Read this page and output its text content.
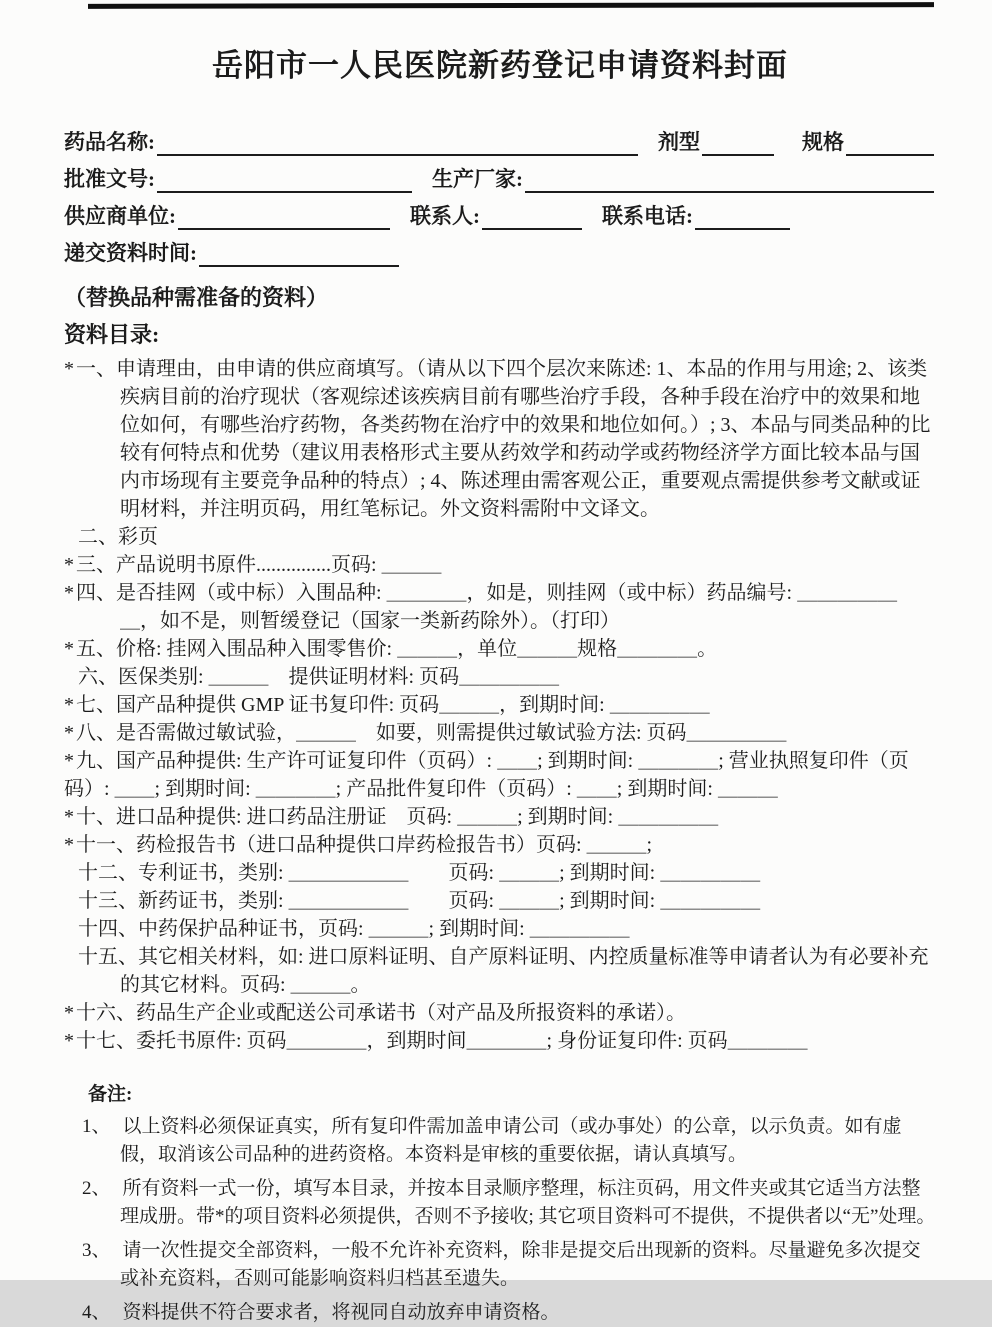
岳阳市一人民医院新药登记申请资料封面
药品名称:	剂型	规格
批准文号:	生产厂家:
供应商单位:	联系人:	联系电话:
递交资料时间:
（替换品种需准备的资料）
资料目录:

*一、申请理由，由申请的供应商填写。（请从以下四个层次来陈述: 1、本品的作用与用途; 2、该类疾病目前的治疗现状（客观综述该疾病目前有哪些治疗手段，各种手段在治疗中的效果和地位如何，有哪些治疗药物，各类药物在治疗中的效果和地位如何。）; 3、本品与同类品种的比较有何特点和优势（建议用表格形式主要从药效学和药动学或药物经济学方面比较本品与国内市场现有主要竞争品种的特点）; 4、陈述理由需客观公正，重要观点需提供参考文献或证明材料，并注明页码，用红笔标记。外文资料需附中文译文。

二、彩页

*三、产品说明书原件...............页码: ＿＿＿

*四、是否挂网（或中标）入围品种: ＿＿＿＿，如是，则挂网（或中标）药品编号: ＿＿＿＿＿＿，如不是，则暂缓登记（国家一类新药除外）。（打印）

*五、价格: 挂网入围品种入围零售价: ＿＿＿，单位＿＿＿规格＿＿＿＿。

六、医保类别: ＿＿＿　提供证明材料: 页码＿＿＿＿＿

*七、国产品种提供 GMP 证书复印件: 页码＿＿＿，到期时间: ＿＿＿＿＿

*八、是否需做过敏试验，＿＿＿　如要，则需提供过敏试验方法: 页码＿＿＿＿＿

*九、国产品种提供: 生产许可证复印件（页码）: ＿＿; 到期时间: ＿＿＿＿; 营业执照复印件（页码）: ＿＿; 到期时间: ＿＿＿＿; 产品批件复印件（页码）: ＿＿; 到期时间: ＿＿＿

*十、进口品种提供: 进口药品注册证　页码: ＿＿＿; 到期时间: ＿＿＿＿＿

*十一、药检报告书（进口品种提供口岸药检报告书）页码: ＿＿＿;

十二、专利证书，类别: ＿＿＿＿＿＿　　页码: ＿＿＿; 到期时间: ＿＿＿＿＿

十三、新药证书，类别: ＿＿＿＿＿＿　　页码: ＿＿＿; 到期时间: ＿＿＿＿＿

十四、中药保护品种证书，页码: ＿＿＿; 到期时间: ＿＿＿＿＿

十五、其它相关材料，如: 进口原料证明、自产原料证明、内控质量标准等申请者认为有必要补充的其它材料。页码: ＿＿＿。

*十六、药品生产企业或配送公司承诺书（对产品及所报资料的承诺）。

*十七、委托书原件: 页码＿＿＿＿，到期时间＿＿＿＿; 身份证复印件: 页码＿＿＿＿

备注:

1、 以上资料必须保证真实，所有复印件需加盖申请公司（或办事处）的公章，以示负责。如有虚假，取消该公司品种的进药资格。本资料是审核的重要依据，请认真填写。

2、 所有资料一式一份，填写本目录，并按本目录顺序整理，标注页码，用文件夹或其它适当方法整理成册。带*的项目资料必须提供，否则不予接收; 其它项目资料可不提供，不提供者以“无”处理。

3、 请一次性提交全部资料，一般不允许补充资料，除非是提交后出现新的资料。尽量避免多次提交或补充资料，否则可能影响资料归档甚至遗失。

4、 资料提供不符合要求者，将视同自动放弃申请资格。
